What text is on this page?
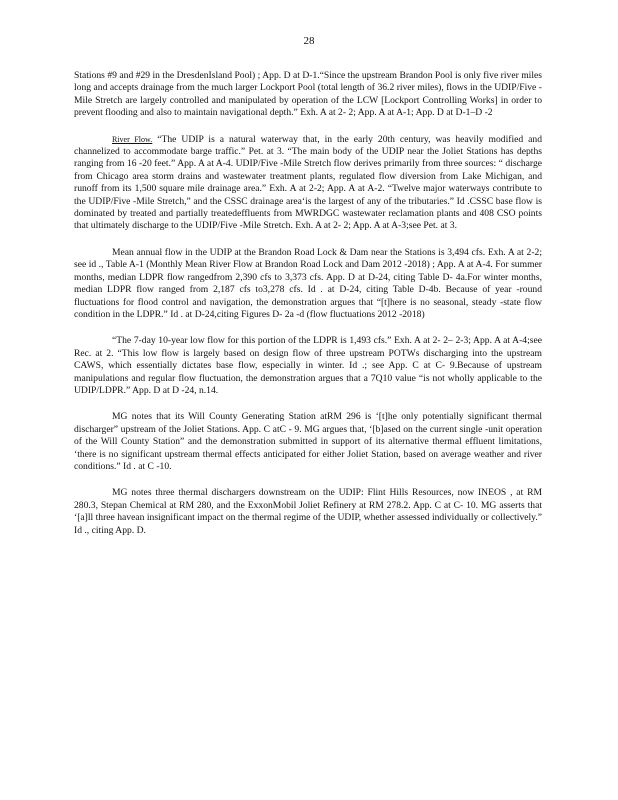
28

Stations #9 and #29 in the DresdenIsland Pool) ; App. D at D-1.“Since the upstream Brandon Pool is only five river miles long and accepts drainage from the much larger Lockport Pool (total length of 36.2 river miles), flows in the UDIP/Five -Mile Stretch are largely controlled and manipulated by operation of the LCW [Lockport Controlling Works] in order to prevent flooding and also to maintain navigational depth.” Exh. A at 2- 2; App. A at A-1; App. D at D-1–D -2

River Flow. “The UDIP is a natural waterway that, in the early 20th century, was heavily modified and channelized to accommodate barge traffic.” Pet. at 3. “The main body of the UDIP near the Joliet Stations has depths ranging from 16 -20 feet.” App. A at A-4. UDIP/Five -Mile Stretch flow derives primarily from three sources: “ discharge from Chicago area storm drains and wastewater treatment plants, regulated flow diversion from Lake Michigan, and runoff from its 1,500 square mile drainage area.” Exh. A at 2-2; App. A at A-2. “Twelve major waterways contribute to the UDIP/Five -Mile Stretch,” and the CSSC drainage area‘is the largest of any of the tributaries.” Id .CSSC base flow is dominated by treated and partially treatedeffluents from MWRDGC wastewater reclamation plants and 408 CSO points that ultimately discharge to the UDIP/Five -Mile Stretch. Exh. A at 2- 2; App. A at A-3;see Pet. at 3.

Mean annual flow in the UDIP at the Brandon Road Lock & Dam near the Stations is 3,494 cfs. Exh. A at 2-2; see id ., Table A-1 (Monthly Mean River Flow at Brandon Road Lock and Dam 2012 -2018) ; App. A at A-4. For summer months, median LDPR flow rangedfrom 2,390 cfs to 3,373 cfs. App. D at D-24, citing Table D- 4a.For winter months, median LDPR flow ranged from 2,187 cfs to3,278 cfs. Id . at D-24, citing Table D-4b. Because of year -round fluctuations for flood control and navigation, the demonstration argues that “[t]here is no seasonal, steady -state flow condition in the LDPR.” Id . at D-24,citing Figures D- 2a -d (flow fluctuations 2012 -2018)

“The 7-day 10-year low flow for this portion of the LDPR is 1,493 cfs.” Exh. A at 2- 2– 2-3; App. A at A-4;see Rec. at 2. “This low flow is largely based on design flow of three upstream POTWs discharging into the upstream CAWS, which essentially dictates base flow, especially in winter. Id .; see App. C at C- 9.Because of upstream manipulations and regular flow fluctuation, the demonstration argues that a 7Q10 value “is not wholly applicable to the UDIP/LDPR.” App. D at D -24, n.14.

MG notes that its Will County Generating Station atRM 296 is ‘[t]he only potentially significant thermal discharger” upstream of the Joliet Stations. App. C atC - 9. MG argues that, ‘[b]ased on the current single -unit operation of the Will County Station” and the demonstration submitted in support of its alternative thermal effluent limitations, ‘there is no significant upstream thermal effects anticipated for either Joliet Station, based on average weather and river conditions.” Id . at C -10.

MG notes three thermal dischargers downstream on the UDIP: Flint Hills Resources, now INEOS , at RM 280.3, Stepan Chemical at RM 280, and the ExxonMobil Joliet Refinery at RM 278.2. App. C at C- 10. MG asserts that ‘[a]ll three havean insignificant impact on the thermal regime of the UDIP, whether assessed individually or collectively.” Id ., citing App. D.
